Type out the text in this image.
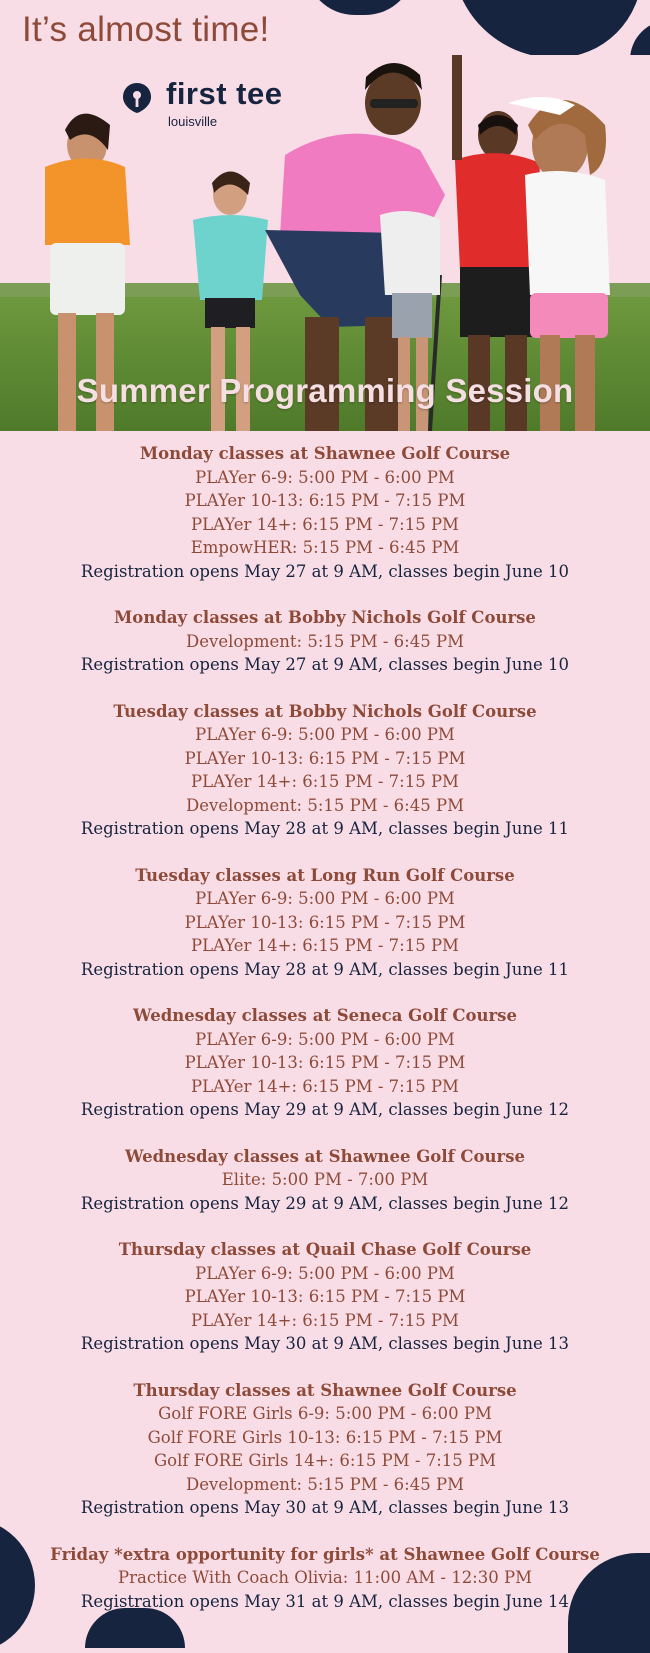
It’s almost time!
first tee
louisville
Summer Programming Session
Monday classes at Shawnee Golf Course
PLAYer 6-9: 5:00 PM - 6:00 PM
PLAYer 10-13: 6:15 PM - 7:15 PM
PLAYer 14+: 6:15 PM - 7:15 PM
EmpowHER: 5:15 PM - 6:45 PM
Registration opens May 27 at 9 AM, classes begin June 10
Monday classes at Bobby Nichols Golf Course
Development: 5:15 PM - 6:45 PM
Registration opens May 27 at 9 AM, classes begin June 10
Tuesday classes at Bobby Nichols Golf Course
PLAYer 6-9: 5:00 PM - 6:00 PM
PLAYer 10-13: 6:15 PM - 7:15 PM
PLAYer 14+: 6:15 PM - 7:15 PM
Development: 5:15 PM - 6:45 PM
Registration opens May 28 at 9 AM, classes begin June 11
Tuesday classes at Long Run Golf Course
PLAYer 6-9: 5:00 PM - 6:00 PM
PLAYer 10-13: 6:15 PM - 7:15 PM
PLAYer 14+: 6:15 PM - 7:15 PM
Registration opens May 28 at 9 AM, classes begin June 11
Wednesday classes at Seneca Golf Course
PLAYer 6-9: 5:00 PM - 6:00 PM
PLAYer 10-13: 6:15 PM - 7:15 PM
PLAYer 14+: 6:15 PM - 7:15 PM
Registration opens May 29 at 9 AM, classes begin June 12
Wednesday classes at Shawnee Golf Course
Elite: 5:00 PM - 7:00 PM
Registration opens May 29 at 9 AM, classes begin June 12
Thursday classes at Quail Chase Golf Course
PLAYer 6-9: 5:00 PM - 6:00 PM
PLAYer 10-13: 6:15 PM - 7:15 PM
PLAYer 14+: 6:15 PM - 7:15 PM
Registration opens May 30 at 9 AM, classes begin June 13
Thursday classes at Shawnee Golf Course
Golf FORE Girls 6-9: 5:00 PM - 6:00 PM
Golf FORE Girls 10-13: 6:15 PM - 7:15 PM
Golf FORE Girls 14+: 6:15 PM - 7:15 PM
Development: 5:15 PM - 6:45 PM
Registration opens May 30 at 9 AM, classes begin June 13
Friday *extra opportunity for girls* at Shawnee Golf Course
Practice With Coach Olivia: 11:00 AM - 12:30 PM
Registration opens May 31 at 9 AM, classes begin June 14
